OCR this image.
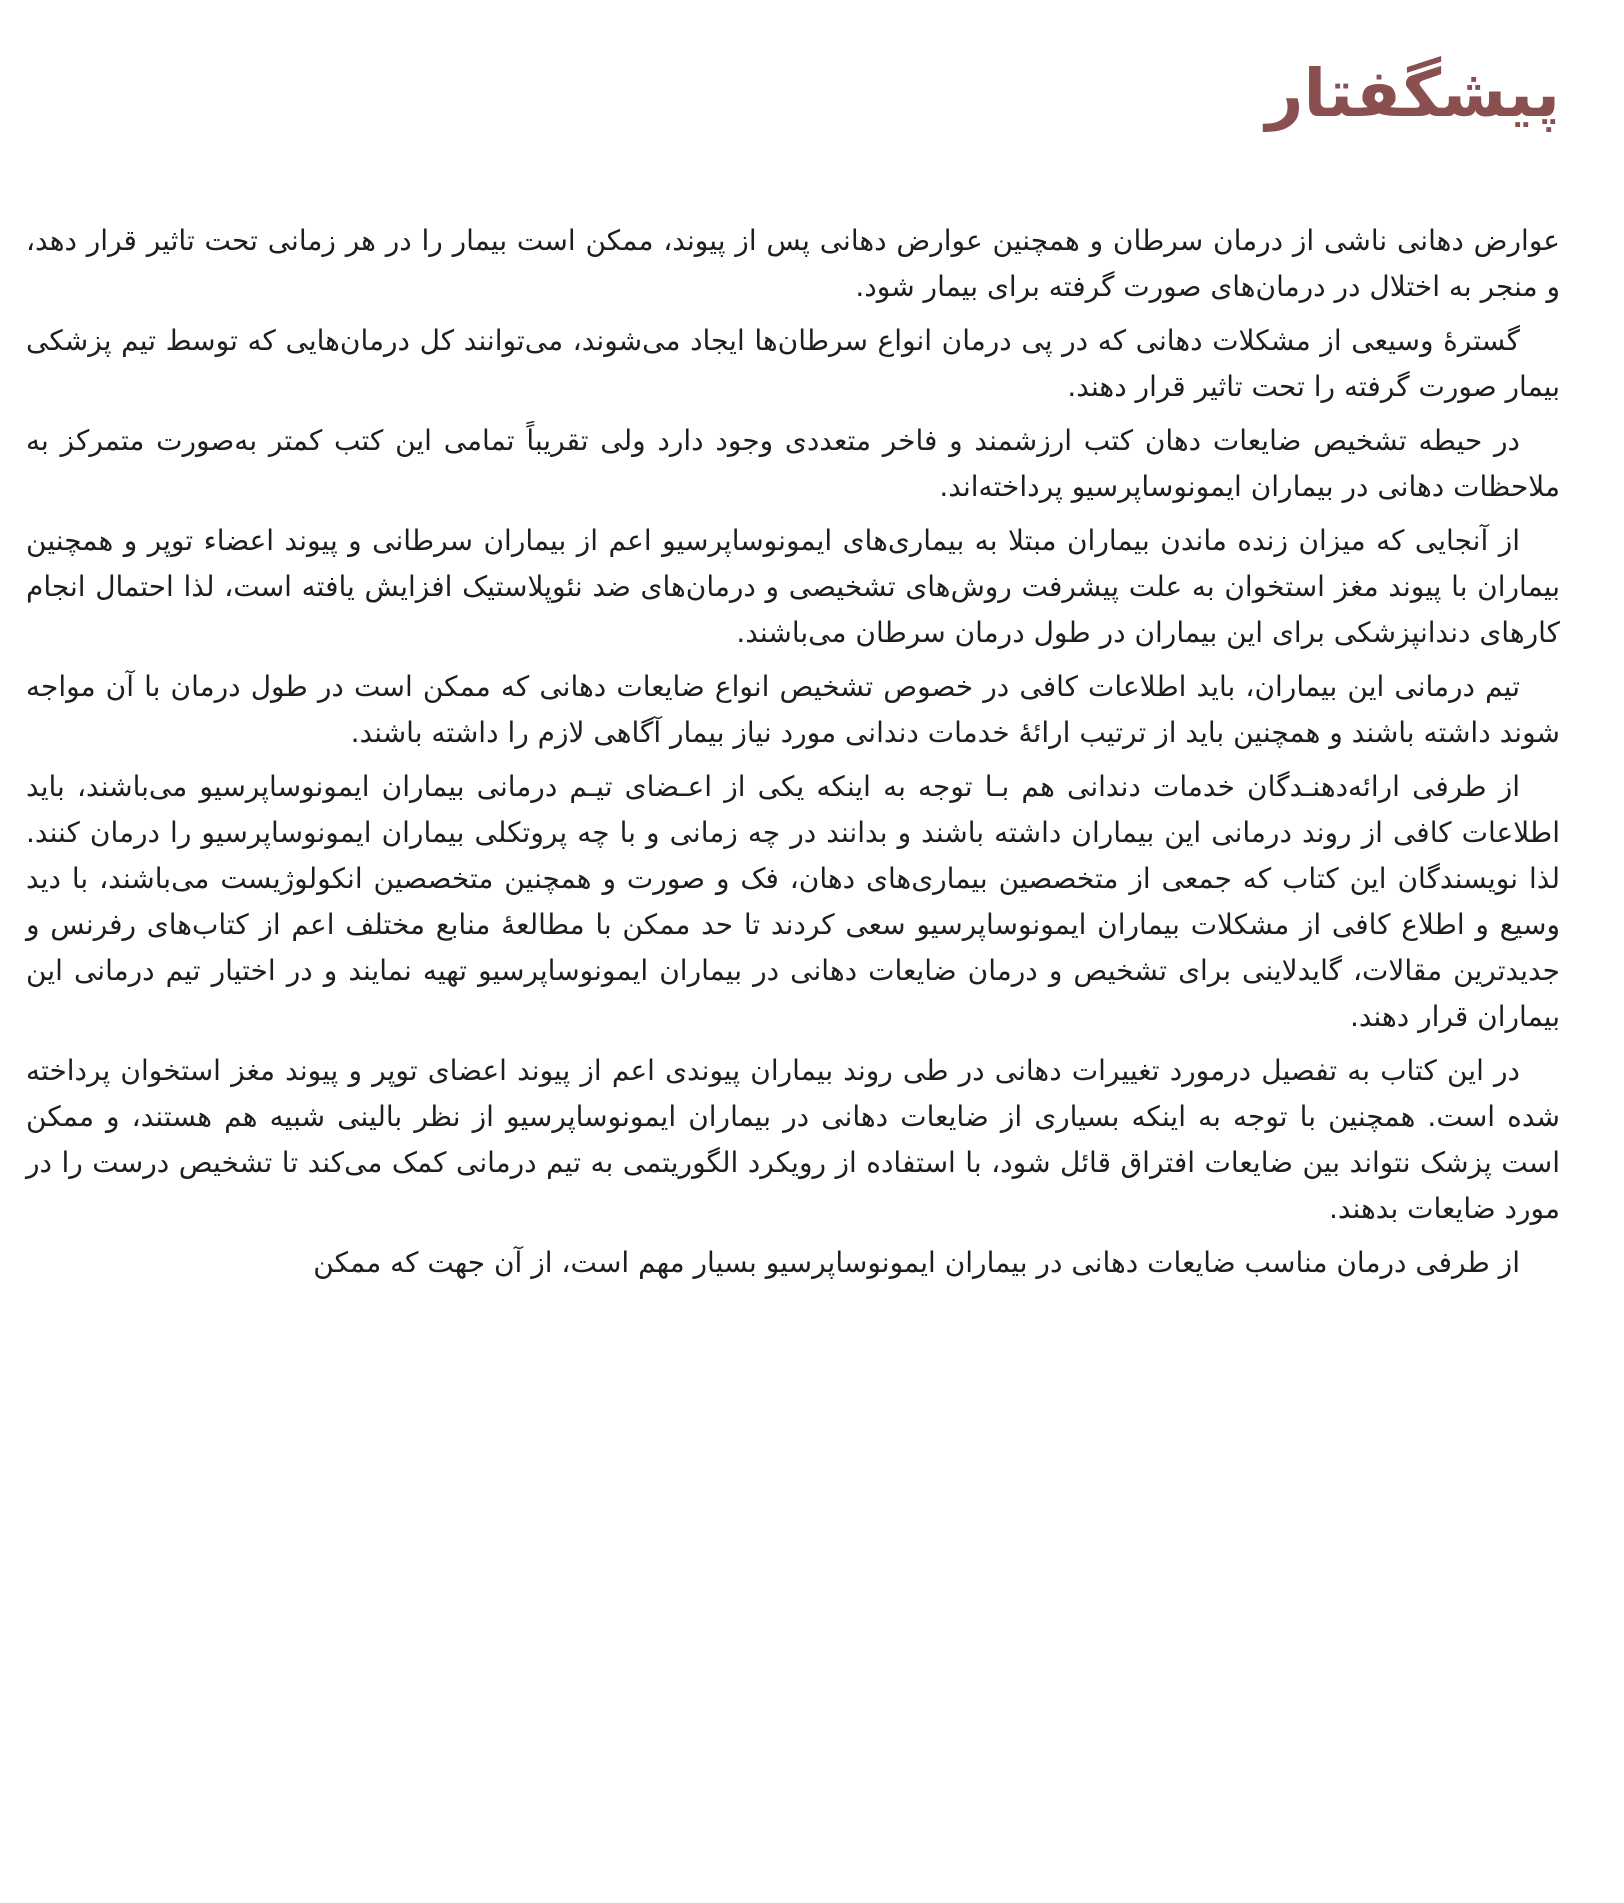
پیشگفتار

عوارض دهانی ناشی از درمان سرطان و همچنین عوارض دهانی پس از پیوند، ممکن است بیمار را در هر زمانی تحت تاثیر قرار دهد، و منجر به اختلال در درمان‌های صورت گرفته برای بیمار شود.

گسترهٔ وسیعی از مشکلات دهانی که در پی درمان انواع سرطان‌ها ایجاد می‌شوند، می‌توانند کل درمان‌هایی که توسط تیم پزشکی بیمار صورت گرفته را تحت تاثیر قرار دهند.

در حیطه تشخیص ضایعات دهان کتب ارزشمند و فاخر متعددی وجود دارد ولی تقریباً تمامی این کتب کمتر به‌صورت متمرکز به ملاحظات دهانی در بیماران ایمونوساپرسیو پرداخته‌اند.

از آنجایی که میزان زنده ماندن بیماران مبتلا به بیماری‌های ایمونوساپرسیو اعم از بیماران سرطانی و پیوند اعضاء توپر و همچنین بیماران با پیوند مغز استخوان به علت پیشرفت روش‌های تشخیصی و درمان‌های ضد نئوپلاستیک افزایش یافته است، لذا احتمال انجام کارهای دندانپزشکی برای این بیماران در طول درمان سرطان می‌باشند.

تیم درمانی این بیماران، باید اطلاعات کافی در خصوص تشخیص انواع ضایعات دهانی که ممکن است در طول درمان با آن مواجه شوند داشته باشند و همچنین باید از ترتیب ارائهٔ خدمات دندانی مورد نیاز بیمار آگاهی لازم را داشته باشند.

از طرفی ارائه‌دهنـدگان خدمات دندانی هم بـا توجه به اینکه یکی از اعـضای تیـم درمانی بیماران ایمونوساپرسیو می‌باشند، باید اطلاعات کافی از روند درمانی این بیماران داشته باشند و بدانند در چه زمانی و با چه پروتکلی بیماران ایمونوساپرسیو را درمان کنند. لذا نویسندگان این کتاب که جمعی از متخصصین بیماری‌های دهان، فک و صورت و همچنین متخصصین انکولوژیست می‌باشند، با دید وسیع و اطلاع کافی از مشکلات بیماران ایمونوساپرسیو سعی کردند تا حد ممکن با مطالعهٔ منابع مختلف اعم از کتاب‌های رفرنس و جدیدترین مقالات، گایدلاینی برای تشخیص و درمان ضایعات دهانی در بیماران ایمونوساپرسیو تهیه نمایند و در اختیار تیم درمانی این بیماران قرار دهند.

در این کتاب به تفصیل درمورد تغییرات دهانی در طی روند بیماران پیوندی اعم از پیوند اعضای توپر و پیوند مغز استخوان پرداخته شده است. همچنین با توجه به اینکه بسیاری از ضایعات دهانی در بیماران ایمونوساپرسیو از نظر بالینی شبیه هم هستند، و ممکن است پزشک نتواند بین ضایعات افتراق قائل شود، با استفاده از رویکرد الگوریتمی به تیم درمانی کمک می‌کند تا تشخیص درست را در مورد ضایعات بدهند.

از طرفی درمان مناسب ضایعات دهانی در بیماران ایمونوساپرسیو بسیار مهم است، از آن جهت که ممکن
